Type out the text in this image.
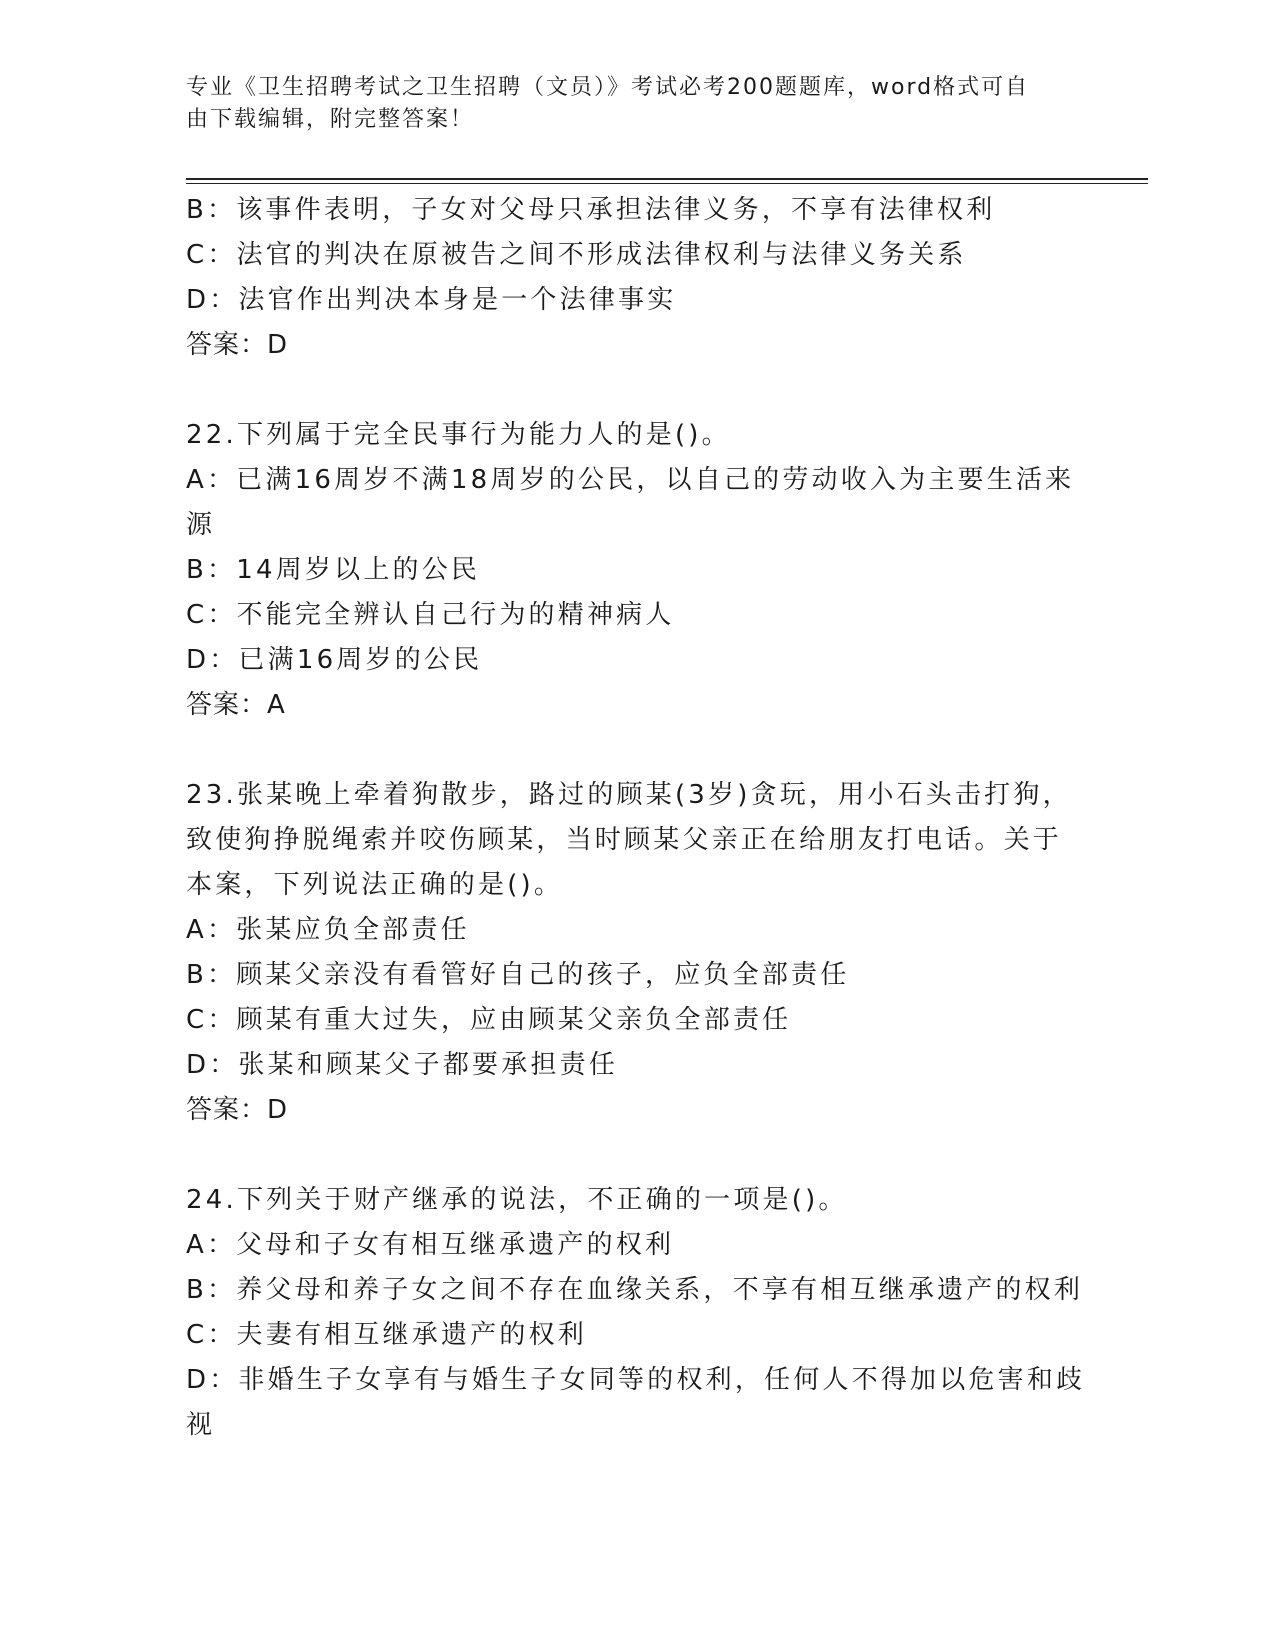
专业《卫生招聘考试之卫生招聘（文员）》考试必考200题题库，word格式可自
由下载编辑，附完整答案！
B：该事件表明，子女对父母只承担法律义务，不享有法律权利
C：法官的判决在原被告之间不形成法律权利与法律义务关系
D：法官作出判决本身是一个法律事实
答案：D
22.下列属于完全民事行为能力人的是()。
A：已满16周岁不满18周岁的公民，以自己的劳动收入为主要生活来
源
B：14周岁以上的公民
C：不能完全辨认自己行为的精神病人
D：已满16周岁的公民
答案：A
23.张某晚上牵着狗散步，路过的顾某(3岁)贪玩，用小石头击打狗，
致使狗挣脱绳索并咬伤顾某，当时顾某父亲正在给朋友打电话。关于
本案，下列说法正确的是()。
A：张某应负全部责任
B：顾某父亲没有看管好自己的孩子，应负全部责任
C：顾某有重大过失，应由顾某父亲负全部责任
D：张某和顾某父子都要承担责任
答案：D
24.下列关于财产继承的说法，不正确的一项是()。
A：父母和子女有相互继承遗产的权利
B：养父母和养子女之间不存在血缘关系，不享有相互继承遗产的权利
C：夫妻有相互继承遗产的权利
D：非婚生子女享有与婚生子女同等的权利，任何人不得加以危害和歧
视
